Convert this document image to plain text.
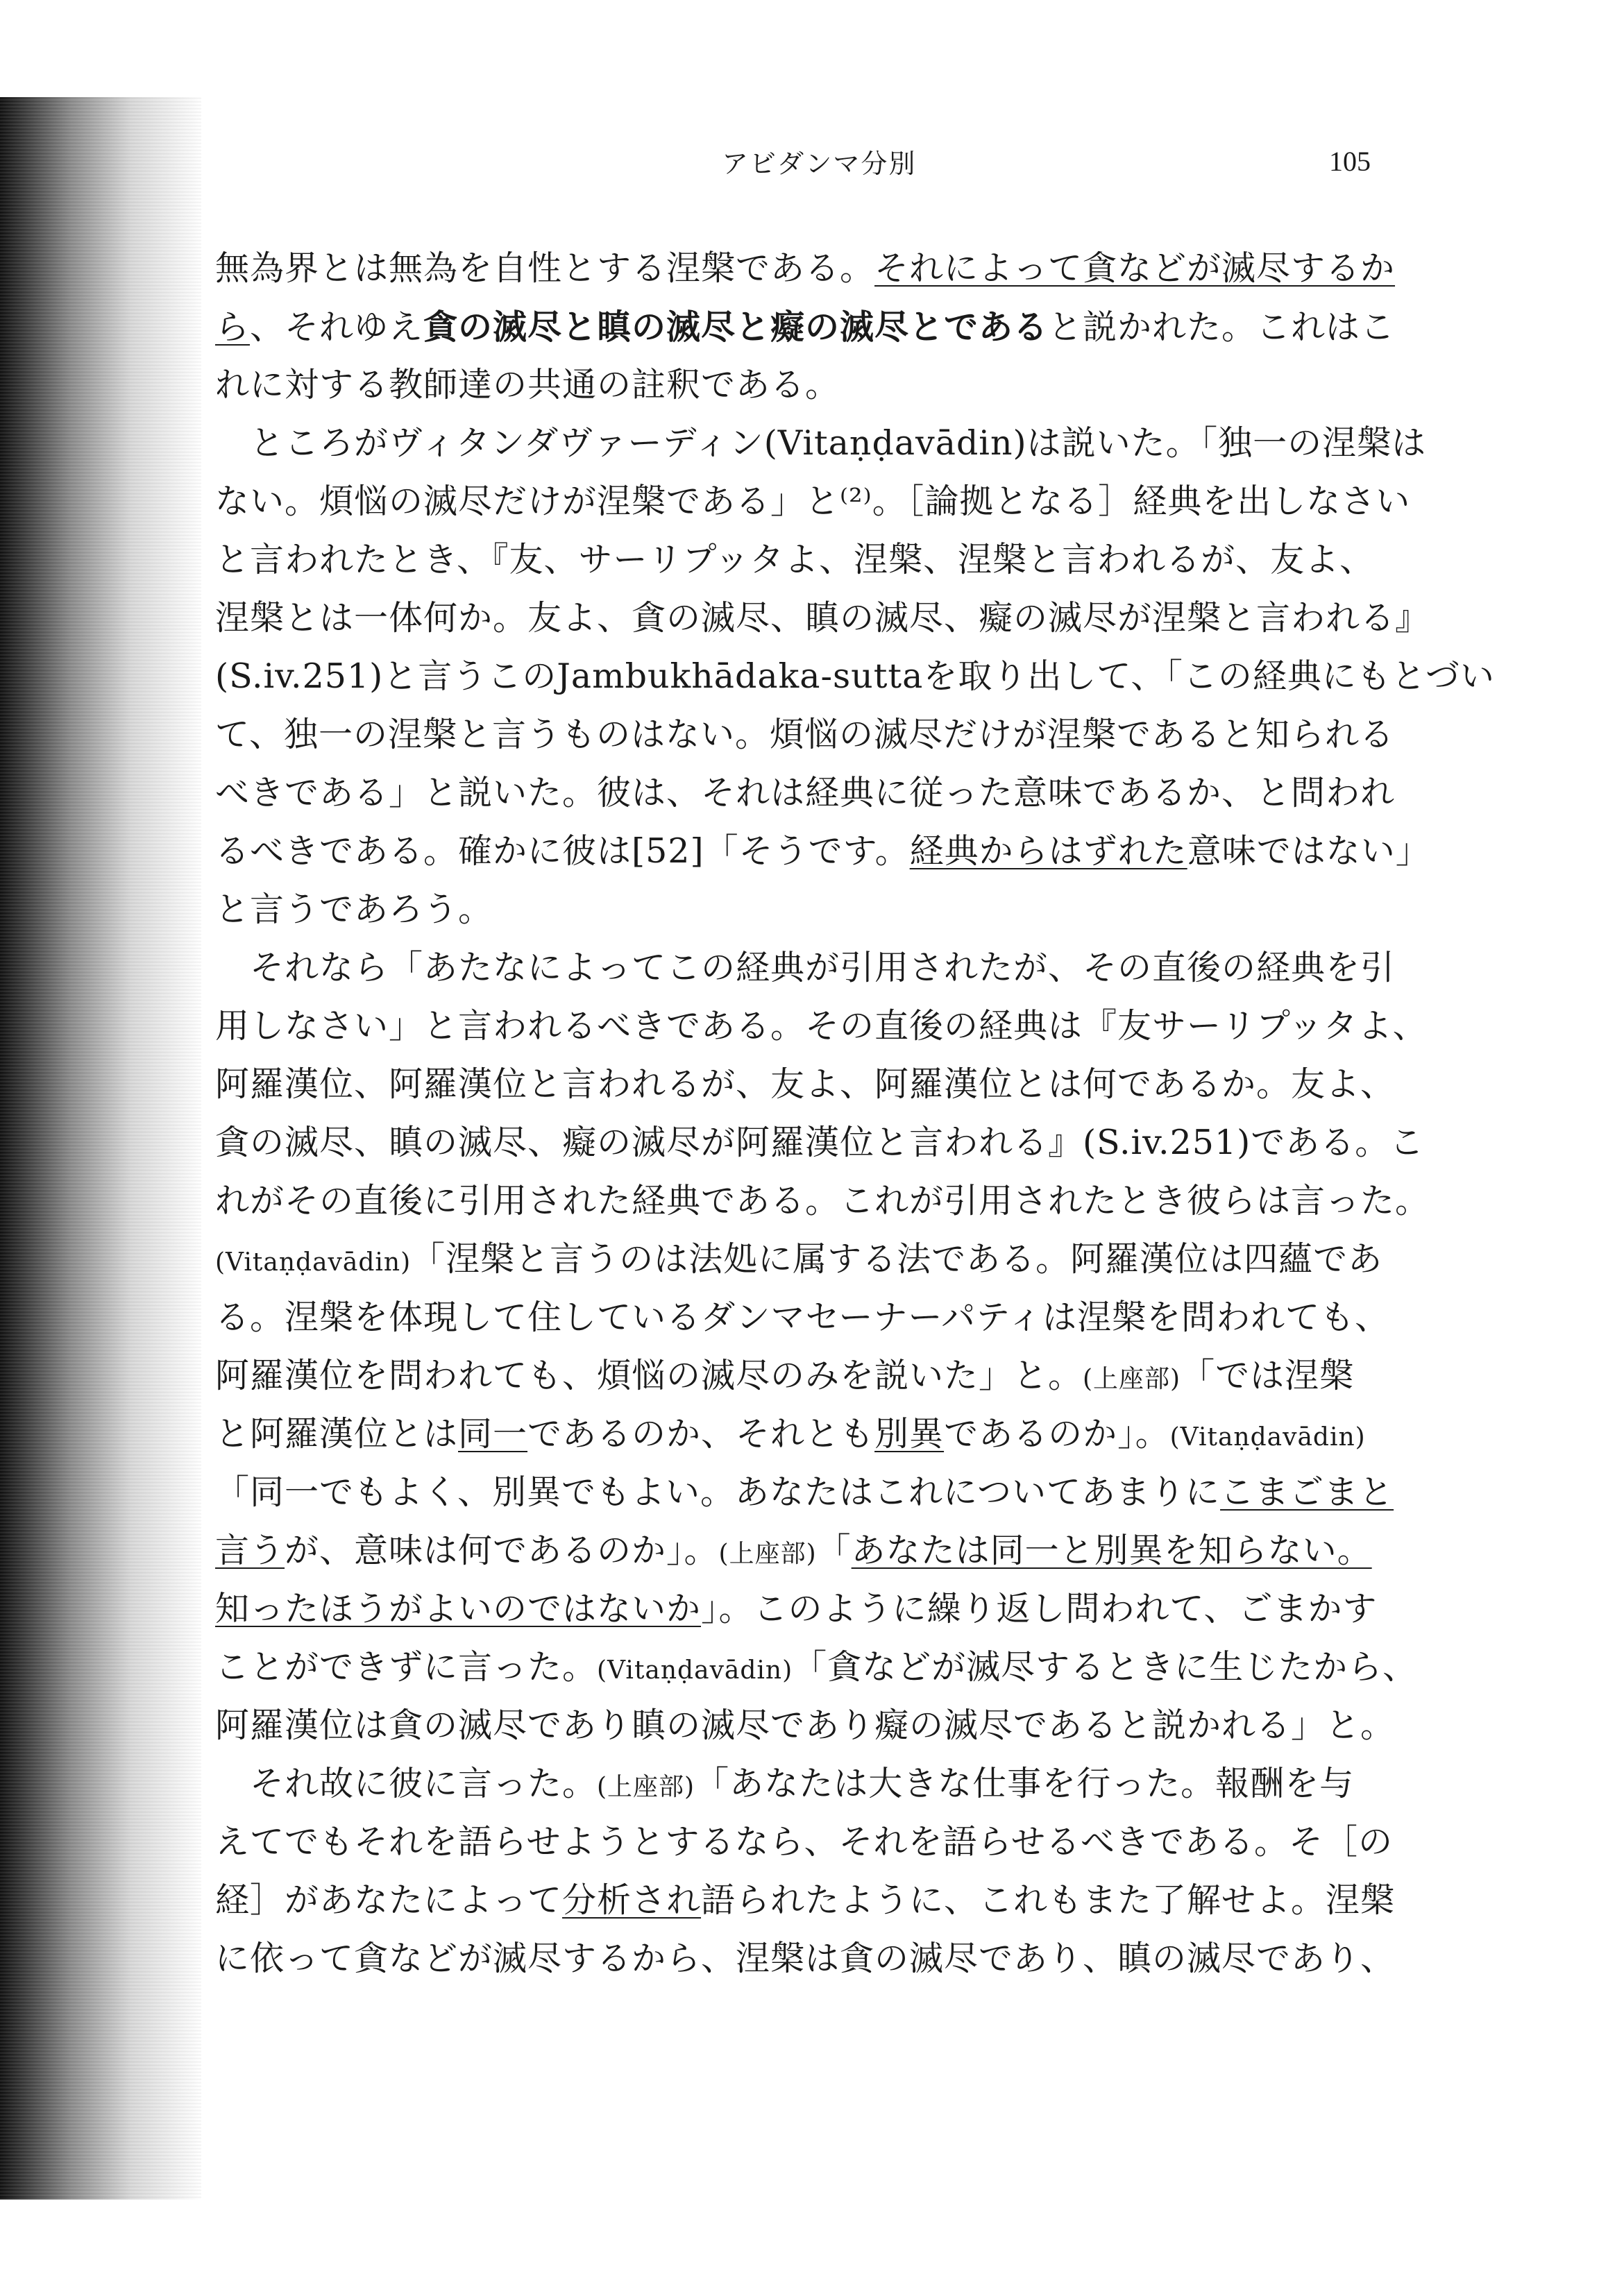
アビダンマ分別	105
無為界とは無為を自性とする涅槃である。それによって貪などが滅尽するか
ら、それゆえ貪の滅尽と瞋の滅尽と癡の滅尽とであると説かれた。これはこ
れに対する教師達の共通の註釈である。
ところがヴィタンダヴァーディン(Vitaṇḍavādin)は説いた。「独一の涅槃は
ない。煩悩の滅尽だけが涅槃である」と⁽²⁾。［論拠となる］経典を出しなさい
と言われたとき、『友、サーリプッタよ、涅槃、涅槃と言われるが、友よ、
涅槃とは一体何か。友よ、貪の滅尽、瞋の滅尽、癡の滅尽が涅槃と言われる』
(S.iv.251)と言うこのJambukhādaka-suttaを取り出して、「この経典にもとづい
て、独一の涅槃と言うものはない。煩悩の滅尽だけが涅槃であると知られる
べきである」と説いた。彼は、それは経典に従った意味であるか、と問われ
るべきである。確かに彼は[52]「そうです。経典からはずれた意味ではない」
と言うであろう。
それなら「あたなによってこの経典が引用されたが、その直後の経典を引
用しなさい」と言われるべきである。その直後の経典は『友サーリプッタよ、
阿羅漢位、阿羅漢位と言われるが、友よ、阿羅漢位とは何であるか。友よ、
貪の滅尽、瞋の滅尽、癡の滅尽が阿羅漢位と言われる』(S.iv.251)である。こ
れがその直後に引用された経典である。これが引用されたとき彼らは言った。
(Vitaṇḍavādin)「涅槃と言うのは法処に属する法である。阿羅漢位は四蘊であ
る。涅槃を体現して住しているダンマセーナーパティは涅槃を問われても、
阿羅漢位を問われても、煩悩の滅尽のみを説いた」と。(上座部)「では涅槃
と阿羅漢位とは同一であるのか、それとも別異であるのか」。(Vitaṇḍavādin)
「同一でもよく、別異でもよい。あなたはこれについてあまりにこまごまと
言うが、意味は何であるのか」。(上座部)「あなたは同一と別異を知らない。
知ったほうがよいのではないか」。このように繰り返し問われて、ごまかす
ことができずに言った。(Vitaṇḍavādin)「貪などが滅尽するときに生じたから、
阿羅漢位は貪の滅尽であり瞋の滅尽であり癡の滅尽であると説かれる」と。
それ故に彼に言った。(上座部)「あなたは大きな仕事を行った。報酬を与
えてでもそれを語らせようとするなら、それを語らせるべきである。そ［の
経］があなたによって分析され語られたように、これもまた了解せよ。涅槃
に依って貪などが滅尽するから、涅槃は貪の滅尽であり、瞋の滅尽であり、
